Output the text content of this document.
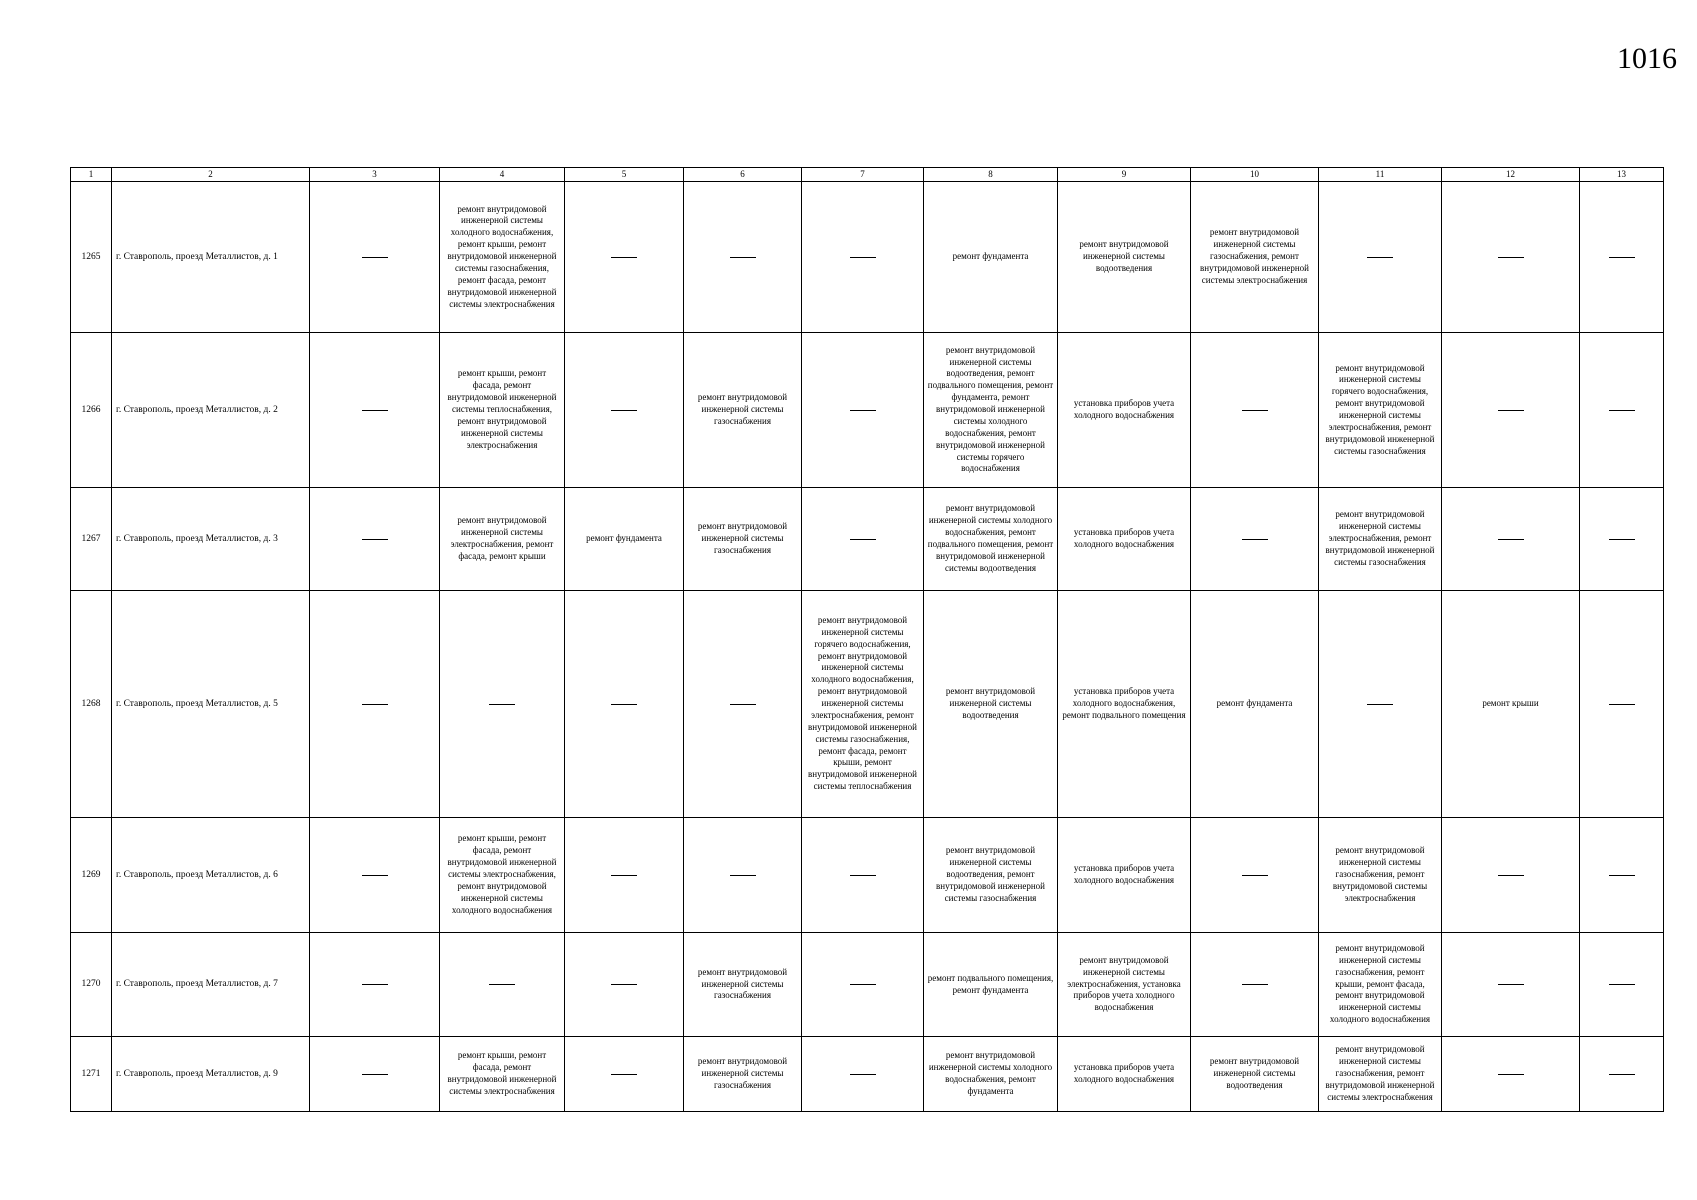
1016
1	2	3	4	5	6	7	8	9	10	11	12	13
1265	г. Ставрополь, проезд Металлистов, д. 1		ремонт внутридомовой инженерной системы холодного водоснабжения, ремонт крыши, ремонт внутридомовой инженерной системы газоснабжения, ремонт фасада, ремонт внутридомовой инженерной системы электроснабжения				ремонт фундамента	ремонт внутридомовой инженерной системы водоотведения	ремонт внутридомовой инженерной системы газоснабжения, ремонт внутридомовой инженерной системы электроснабжения			
1266	г. Ставрополь, проезд Металлистов, д. 2		ремонт крыши, ремонт фасада, ремонт внутридомовой инженерной системы теплоснабжения, ремонт внутридомовой инженерной системы электроснабжения		ремонт внутридомовой инженерной системы газоснабжения		ремонт внутридомовой инженерной системы водоотведения, ремонт подвального помещения, ремонт фундамента, ремонт внутридомовой инженерной системы холодного водоснабжения, ремонт внутридомовой инженерной системы горячего водоснабжения	установка приборов учета холодного водоснабжения		ремонт внутридомовой инженерной системы горячего водоснабжения, ремонт внутридомовой инженерной системы электроснабжения, ремонт внутридомовой инженерной системы газоснабжения		
1267	г. Ставрополь, проезд Металлистов, д. 3		ремонт внутридомовой инженерной системы электроснабжения, ремонт фасада, ремонт крыши	ремонт фундамента	ремонт внутридомовой инженерной системы газоснабжения		ремонт внутридомовой инженерной системы холодного водоснабжения, ремонт подвального помещения, ремонт внутридомовой инженерной системы водоотведения	установка приборов учета холодного водоснабжения		ремонт внутридомовой инженерной системы электроснабжения, ремонт внутридомовой инженерной системы газоснабжения		
1268	г. Ставрополь, проезд Металлистов, д. 5					ремонт внутридомовой инженерной системы горячего водоснабжения, ремонт внутридомовой инженерной системы холодного водоснабжения, ремонт внутридомовой инженерной системы электроснабжения, ремонт внутридомовой инженерной системы газоснабжения, ремонт фасада, ремонт крыши, ремонт внутридомовой инженерной системы теплоснабжения	ремонт внутридомовой инженерной системы водоотведения	установка приборов учета холодного водоснабжения, ремонт подвального помещения	ремонт фундамента		ремонт крыши	
1269	г. Ставрополь, проезд Металлистов, д. 6		ремонт крыши, ремонт фасада, ремонт внутридомовой инженерной системы электроснабжения, ремонт внутридомовой инженерной системы холодного водоснабжения				ремонт внутридомовой инженерной системы водоотведения, ремонт внутридомовой инженерной системы газоснабжения	установка приборов учета холодного водоснабжения		ремонт внутридомовой инженерной системы газоснабжения, ремонт внутридомовой системы электроснабжения		
1270	г. Ставрополь, проезд Металлистов, д. 7				ремонт внутридомовой инженерной системы газоснабжения		ремонт подвального помещения, ремонт фундамента	ремонт внутридомовой инженерной системы электроснабжения, установка приборов учета холодного водоснабжения		ремонт внутридомовой инженерной системы газоснабжения, ремонт крыши, ремонт фасада, ремонт внутридомовой инженерной системы холодного водоснабжения		
1271	г. Ставрополь, проезд Металлистов, д. 9		ремонт крыши, ремонт фасада, ремонт внутридомовой инженерной системы электроснабжения		ремонт внутридомовой инженерной системы газоснабжения		ремонт внутридомовой инженерной системы холодного водоснабжения, ремонт фундамента	установка приборов учета холодного водоснабжения	ремонт внутридомовой инженерной системы водоотведения	ремонт внутридомовой инженерной системы газоснабжения, ремонт внутридомовой инженерной системы электроснабжения		
